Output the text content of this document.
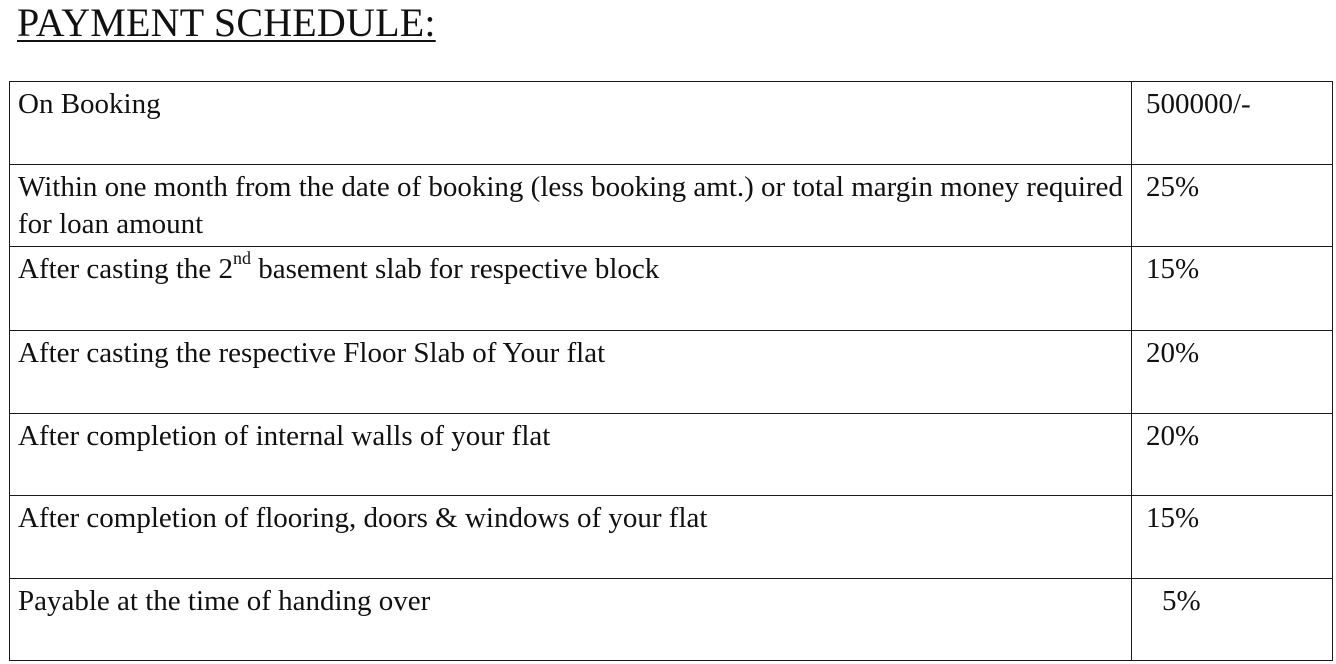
PAYMENT SCHEDULE:
On Booking	500000/-
Within one month from the date of booking (less booking amt.) or total margin money required for loan amount	25%
After casting the 2nd basement slab for respective block	15%
After casting the respective Floor Slab of Your flat	20%
After completion of internal walls of your flat	20%
After completion of flooring, doors & windows of your flat	15%
Payable at the time of handing over	5%
